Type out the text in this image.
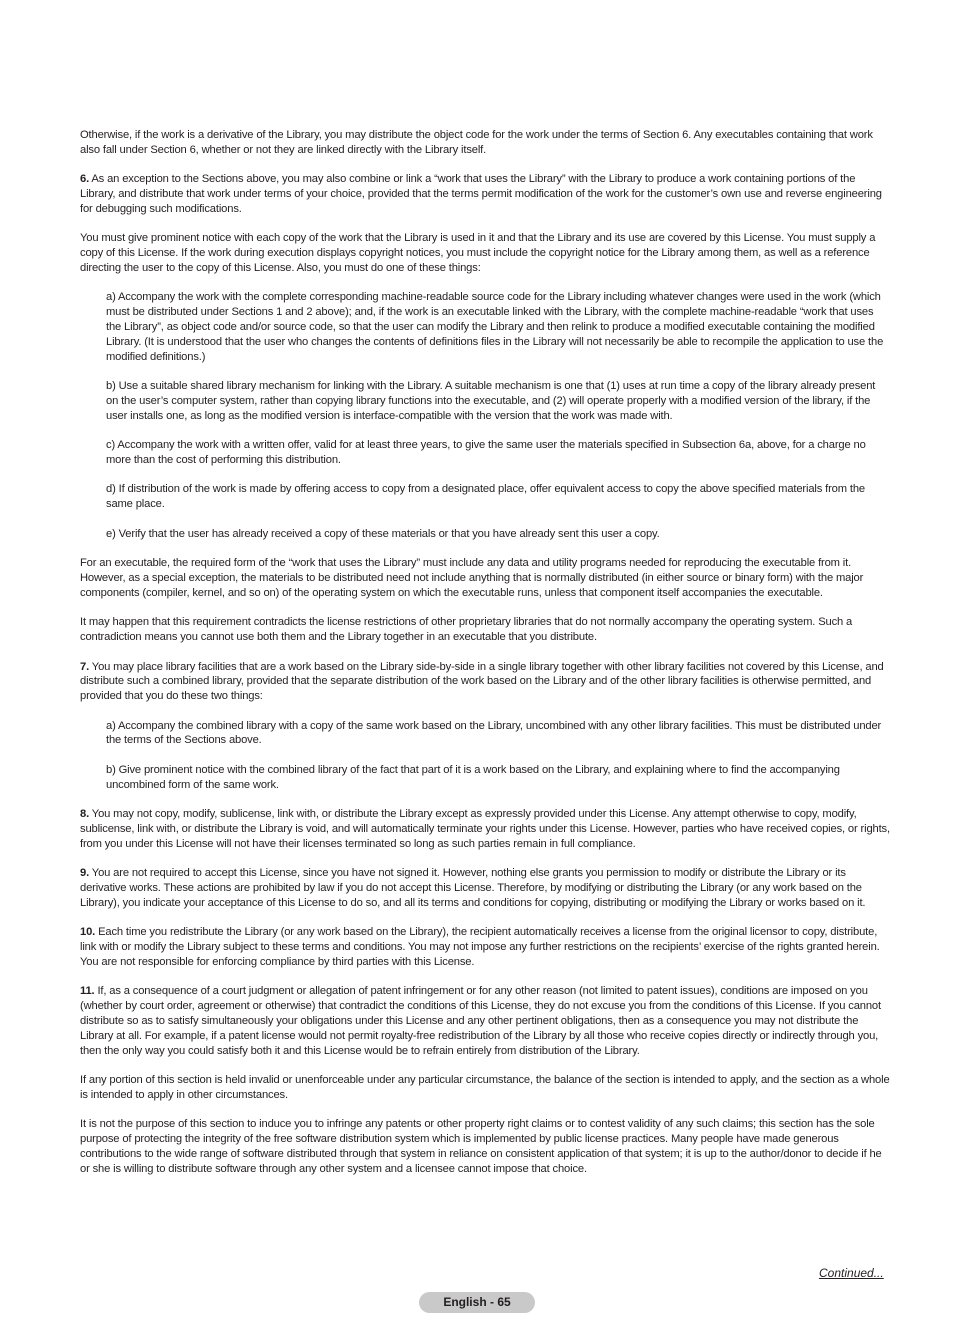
Otherwise, if the work is a derivative of the Library, you may distribute the object code for the work under the terms of Section 6. Any executables containing that work also fall under Section 6, whether or not they are linked directly with the Library itself.

6. As an exception to the Sections above, you may also combine or link a “work that uses the Library” with the Library to produce a work containing portions of the Library, and distribute that work under terms of your choice, provided that the terms permit modification of the work for the customer’s own use and reverse engineering for debugging such modifications.

You must give prominent notice with each copy of the work that the Library is used in it and that the Library and its use are covered by this License. You must supply a copy of this License. If the work during execution displays copyright notices, you must include the copyright notice for the Library among them, as well as a reference directing the user to the copy of this License. Also, you must do one of these things:

a) Accompany the work with the complete corresponding machine-readable source code for the Library including whatever changes were used in the work (which must be distributed under Sections 1 and 2 above); and, if the work is an executable linked with the Library, with the complete machine-readable “work that uses the Library”, as object code and/or source code, so that the user can modify the Library and then relink to produce a modified executable containing the modified Library. (It is understood that the user who changes the contents of definitions files in the Library will not necessarily be able to recompile the application to use the modified definitions.)

b) Use a suitable shared library mechanism for linking with the Library. A suitable mechanism is one that (1) uses at run time a copy of the library already present on the user’s computer system, rather than copying library functions into the executable, and (2) will operate properly with a modified version of the library, if the user installs one, as long as the modified version is interface-compatible with the version that the work was made with.

c) Accompany the work with a written offer, valid for at least three years, to give the same user the materials specified in Subsection 6a, above, for a charge no more than the cost of performing this distribution.

d) If distribution of the work is made by offering access to copy from a designated place, offer equivalent access to copy the above specified materials from the same place.

e) Verify that the user has already received a copy of these materials or that you have already sent this user a copy.

For an executable, the required form of the “work that uses the Library” must include any data and utility programs needed for reproducing the executable from it. However, as a special exception, the materials to be distributed need not include anything that is normally distributed (in either source or binary form) with the major components (compiler, kernel, and so on) of the operating system on which the executable runs, unless that component itself accompanies the executable.

It may happen that this requirement contradicts the license restrictions of other proprietary libraries that do not normally accompany the operating system. Such a contradiction means you cannot use both them and the Library together in an executable that you distribute.

7. You may place library facilities that are a work based on the Library side-by-side in a single library together with other library facilities not covered by this License, and distribute such a combined library, provided that the separate distribution of the work based on the Library and of the other library facilities is otherwise permitted, and provided that you do these two things:

a) Accompany the combined library with a copy of the same work based on the Library, uncombined with any other library facilities. This must be distributed under the terms of the Sections above.

b) Give prominent notice with the combined library of the fact that part of it is a work based on the Library, and explaining where to find the accompanying uncombined form of the same work.

8. You may not copy, modify, sublicense, link with, or distribute the Library except as expressly provided under this License. Any attempt otherwise to copy, modify, sublicense, link with, or distribute the Library is void, and will automatically terminate your rights under this License. However, parties who have received copies, or rights, from you under this License will not have their licenses terminated so long as such parties remain in full compliance.

9. You are not required to accept this License, since you have not signed it. However, nothing else grants you permission to modify or distribute the Library or its derivative works. These actions are prohibited by law if you do not accept this License. Therefore, by modifying or distributing the Library (or any work based on the Library), you indicate your acceptance of this License to do so, and all its terms and conditions for copying, distributing or modifying the Library or works based on it.

10. Each time you redistribute the Library (or any work based on the Library), the recipient automatically receives a license from the original licensor to copy, distribute, link with or modify the Library subject to these terms and conditions. You may not impose any further restrictions on the recipients’ exercise of the rights granted herein. You are not responsible for enforcing compliance by third parties with this License.

11. If, as a consequence of a court judgment or allegation of patent infringement or for any other reason (not limited to patent issues), conditions are imposed on you (whether by court order, agreement or otherwise) that contradict the conditions of this License, they do not excuse you from the conditions of this License. If you cannot distribute so as to satisfy simultaneously your obligations under this License and any other pertinent obligations, then as a consequence you may not distribute the Library at all. For example, if a patent license would not permit royalty-free redistribution of the Library by all those who receive copies directly or indirectly through you, then the only way you could satisfy both it and this License would be to refrain entirely from distribution of the Library.

If any portion of this section is held invalid or unenforceable under any particular circumstance, the balance of the section is intended to apply, and the section as a whole is intended to apply in other circumstances.

It is not the purpose of this section to induce you to infringe any patents or other property right claims or to contest validity of any such claims; this section has the sole purpose of protecting the integrity of the free software distribution system which is implemented by public license practices. Many people have made generous contributions to the wide range of software distributed through that system in reliance on consistent application of that system; it is up to the author/donor to decide if he or she is willing to distribute software through any other system and a licensee cannot impose that choice.

Continued...
English - 65
